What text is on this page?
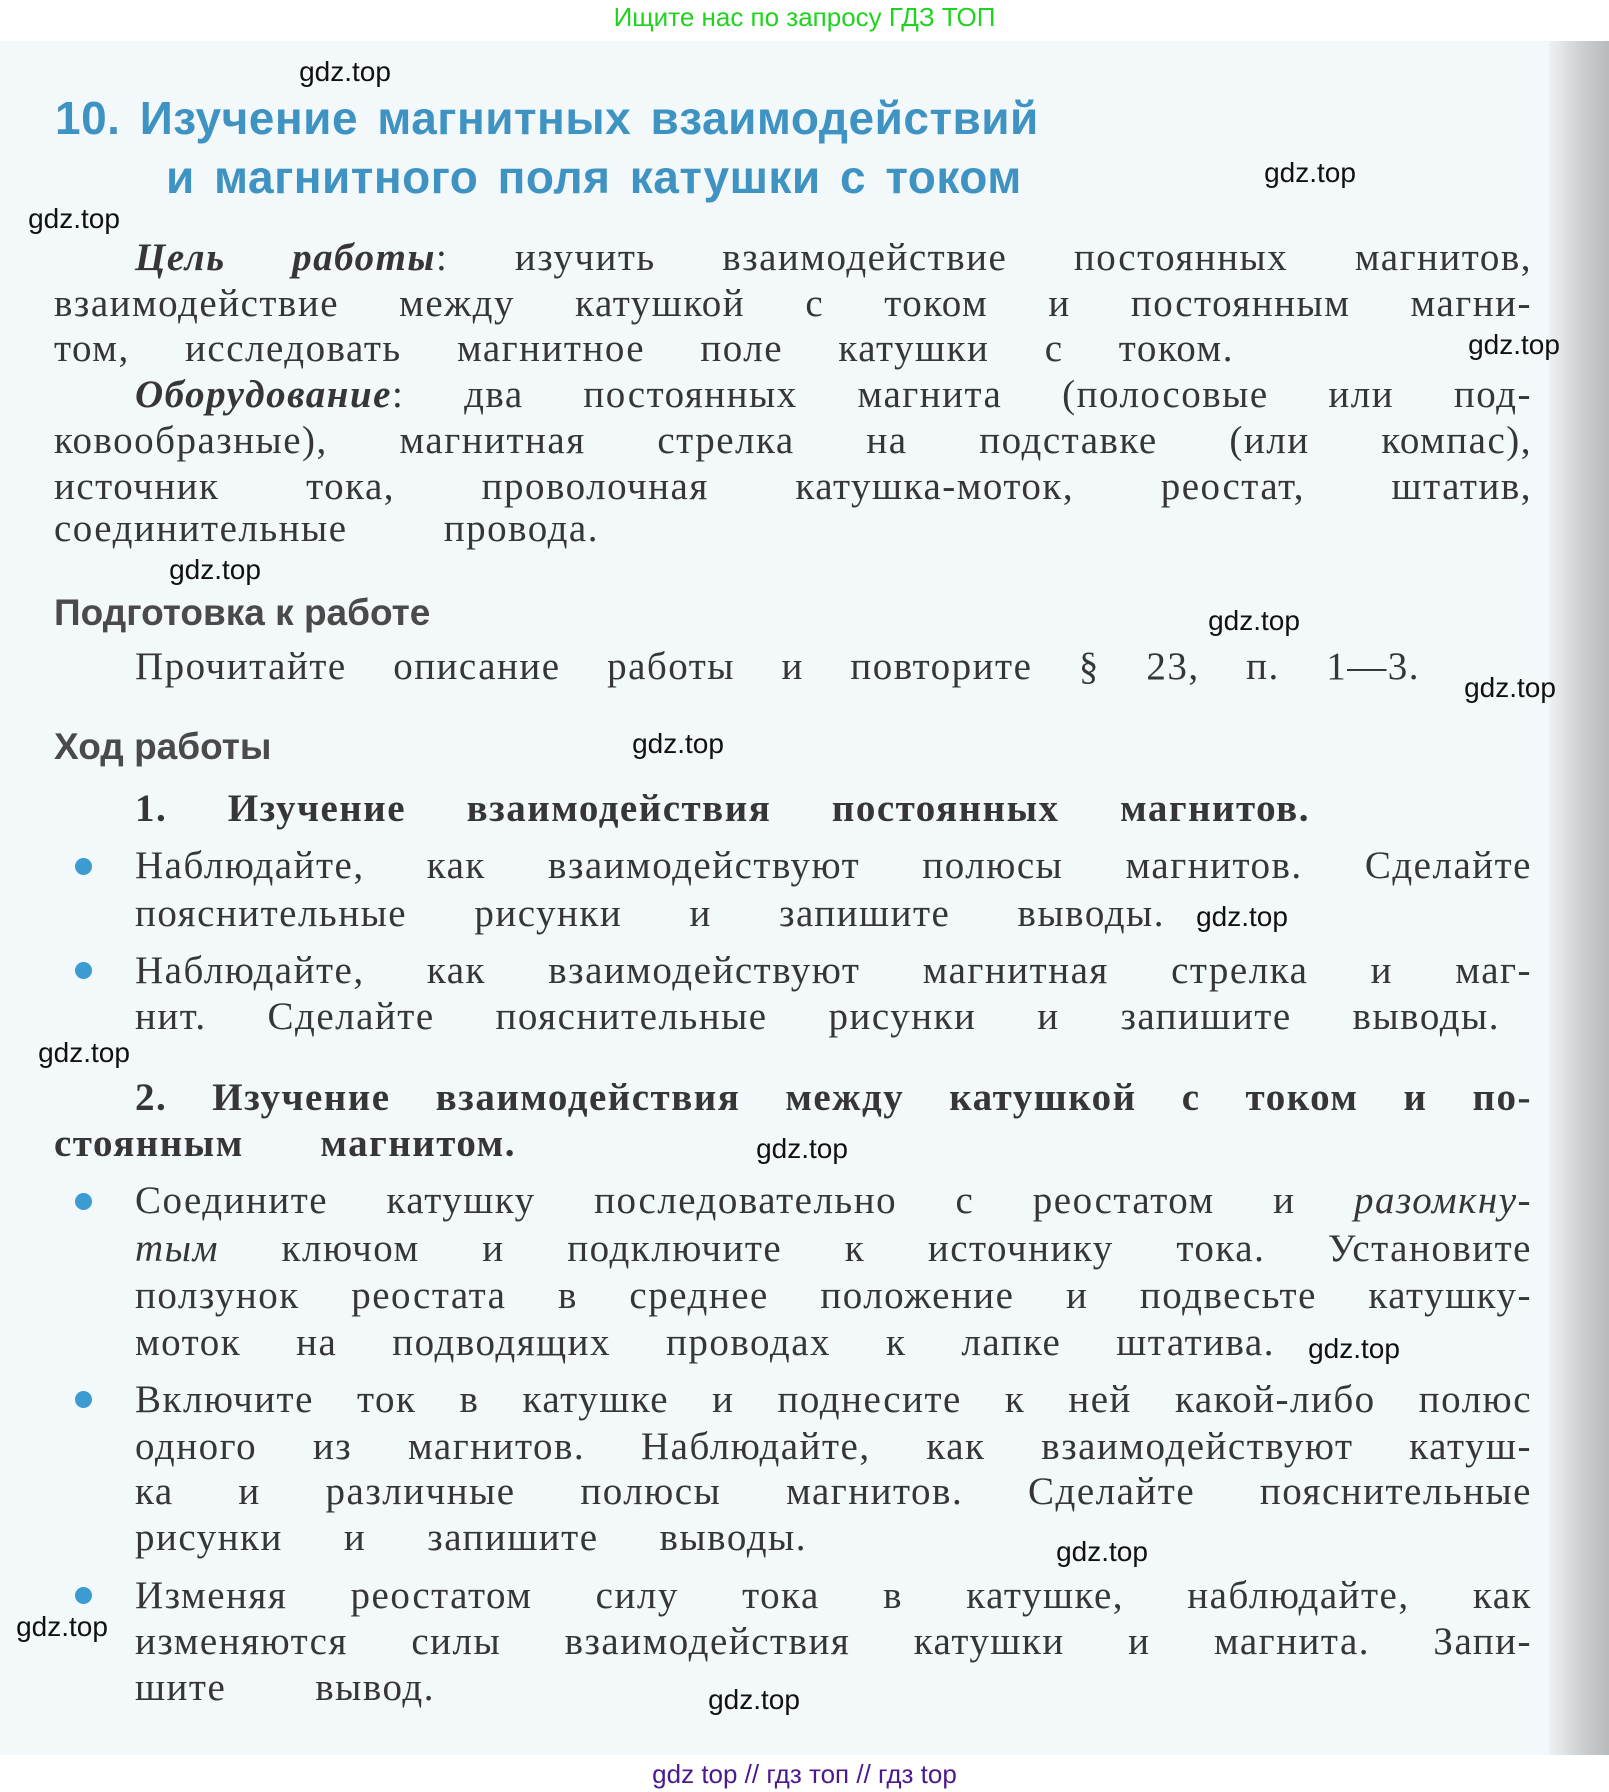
Ищите нас по запросу ГДЗ ТОП
10. Изучение магнитных взаимодействий
и магнитного поля катушки с током
Цель работы: изучить взаимодействие постоянных магнитов,
взаимодействие между катушкой с током и постоянным магни-
том, исследовать магнитное поле катушки с током.
Оборудование: два постоянных магнита (полосовые или под-
ковообразные), магнитная стрелка на подставке (или компас),
источник тока, проволочная катушка-моток, реостат, штатив,
соединительные провода.
Подготовка к работе
Прочитайте описание работы и повторите § 23, п. 1—3.
Ход работы
1. Изучение взаимодействия постоянных магнитов.
Наблюдайте, как взаимодействуют полюсы магнитов. Сделайте
пояснительные рисунки и запишите выводы.
Наблюдайте, как взаимодействуют магнитная стрелка и маг-
нит. Сделайте пояснительные рисунки и запишите выводы.
2. Изучение взаимодействия между катушкой с током и по-
стоянным магнитом.
Соедините катушку последовательно с реостатом и разомкну-
тым ключом и подключите к источнику тока. Установите
ползунок реостата в среднее положение и подвесьте катушку-
моток на подводящих проводах к лапке штатива.
Включите ток в катушке и поднесите к ней какой-либо полюс
одного из магнитов. Наблюдайте, как взаимодействуют катуш-
ка и различные полюсы магнитов. Сделайте пояснительные
рисунки и запишите выводы.
Изменяя реостатом силу тока в катушке, наблюдайте, как
изменяются силы взаимодействия катушки и магнита. Запи-
шите вывод.
gdz.top
gdz.top
gdz.top
gdz.top
gdz.top
gdz.top
gdz.top
gdz.top
gdz.top
gdz.top
gdz.top
gdz.top
gdz.top
gdz.top
gdz.top
gdz top // гдз топ // гдз top
